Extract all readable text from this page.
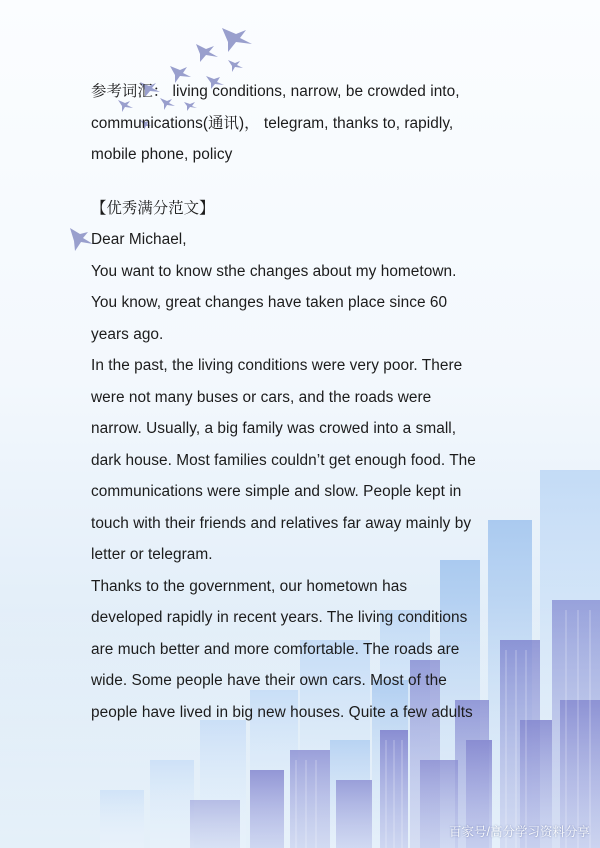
参考词汇： living conditions, narrow, be crowded into,
communications(通讯)， telegram, thanks to, rapidly,
mobile phone, policy
【优秀满分范文】
Dear Michael,
You want to know sthe changes about my hometown.
You know, great changes have taken place since 60
years ago.
In the past, the living conditions were very poor. There
were not many buses or cars, and the roads were
narrow. Usually, a big family was crowed into a small,
dark house. Most families couldn’t get enough food. The
communications were simple and slow. People kept in
touch with their friends and relatives far away mainly by
letter or telegram.
Thanks to the government, our hometown has
developed rapidly in recent years. The living conditions
are much better and more comfortable. The roads are
wide. Some people have their own cars. Most of the
people have lived in big new houses. Quite a few adults
百家号/高分学习资料分享
